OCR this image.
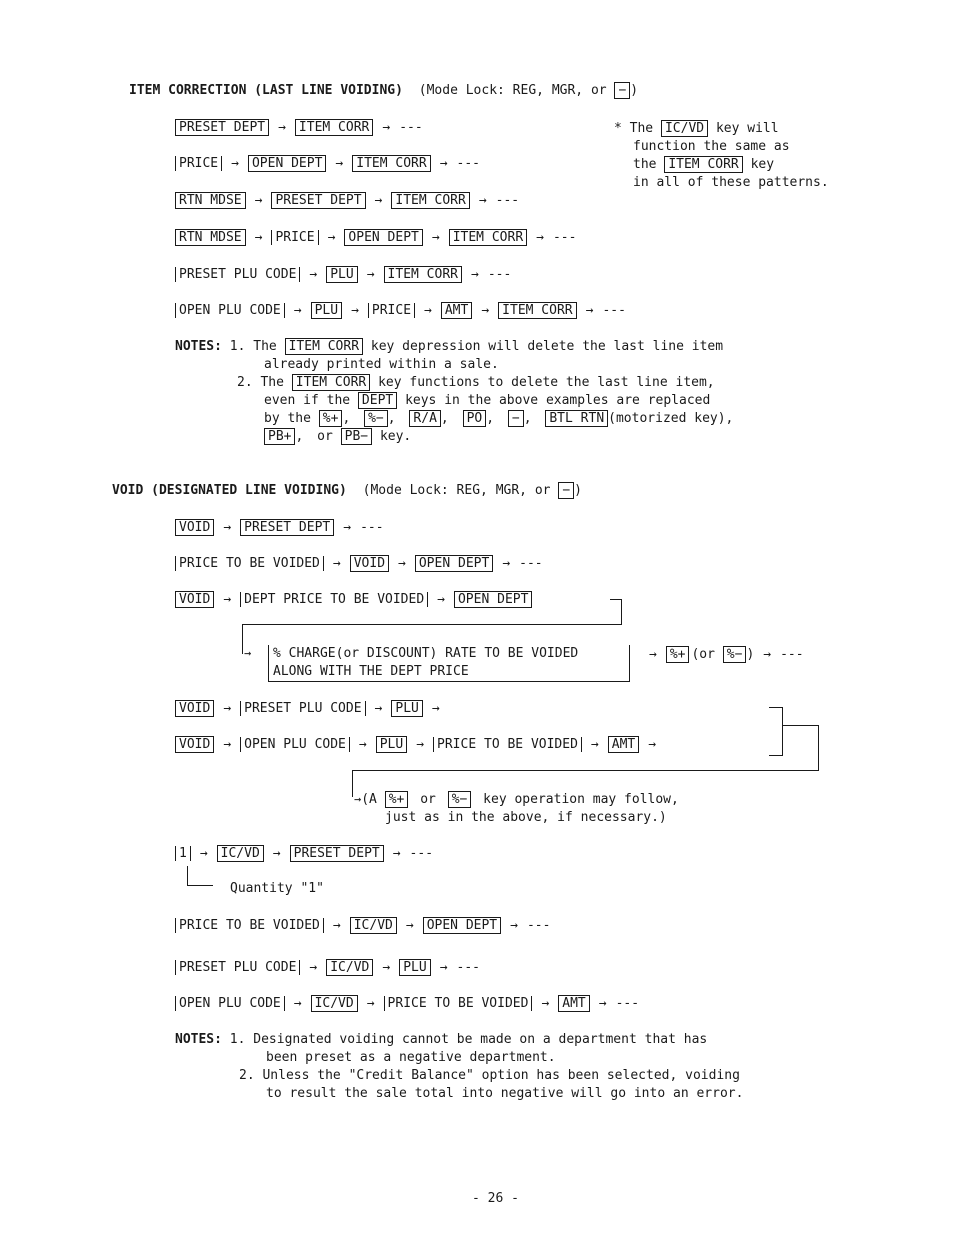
ITEM CORRECTION (LAST LINE VOIDING) (Mode Lock: REG, MGR, or − )
PRESET DEPT → ITEM CORR → ---
PRICE → OPEN DEPT → ITEM CORR → ---
RTN MDSE → PRESET DEPT → ITEM CORR → ---
* The IC/VD key will
function the same as
the ITEM CORR key
in all of these patterns.
RTN MDSE → PRICE → OPEN DEPT → ITEM CORR → ---
PRESET PLU CODE → PLU → ITEM CORR → ---
OPEN PLU CODE → PLU → PRICE → AMT → ITEM CORR → ---
NOTES: 1. The ITEM CORR key depression will delete the last line item
already printed within a sale.
2. The ITEM CORR key functions to delete the last line item,
even if the DEPT keys in the above examples are replaced
by the %+ , %− , R/A , PO , − , BTL RTN (motorized key),
PB+ , or PB− key.
VOID (DESIGNATED LINE VOIDING) (Mode Lock: REG, MGR, or − )
VOID → PRESET DEPT → ---
PRICE TO BE VOIDED → VOID → OPEN DEPT → ---
VOID → DEPT PRICE TO BE VOIDED → OPEN DEPT
→ % CHARGE(or DISCOUNT) RATE TO BE VOIDED
ALONG WITH THE DEPT PRICE
→ %+ (or %− ) → ---
VOID → PRESET PLU CODE → PLU →
VOID → OPEN PLU CODE → PLU → PRICE TO BE VOIDED → AMT →
→(A %+ or %− key operation may follow,
just as in the above, if necessary.)
1 → IC/VD → PRESET DEPT → ---
Quantity "1"
PRICE TO BE VOIDED → IC/VD → OPEN DEPT → ---
PRESET PLU CODE → IC/VD → PLU → ---
OPEN PLU CODE → IC/VD → PRICE TO BE VOIDED → AMT → ---
NOTES: 1. Designated voiding cannot be made on a department that has
been preset as a negative department.
2. Unless the "Credit Balance" option has been selected, voiding
to result the sale total into negative will go into an error.
- 26 -
